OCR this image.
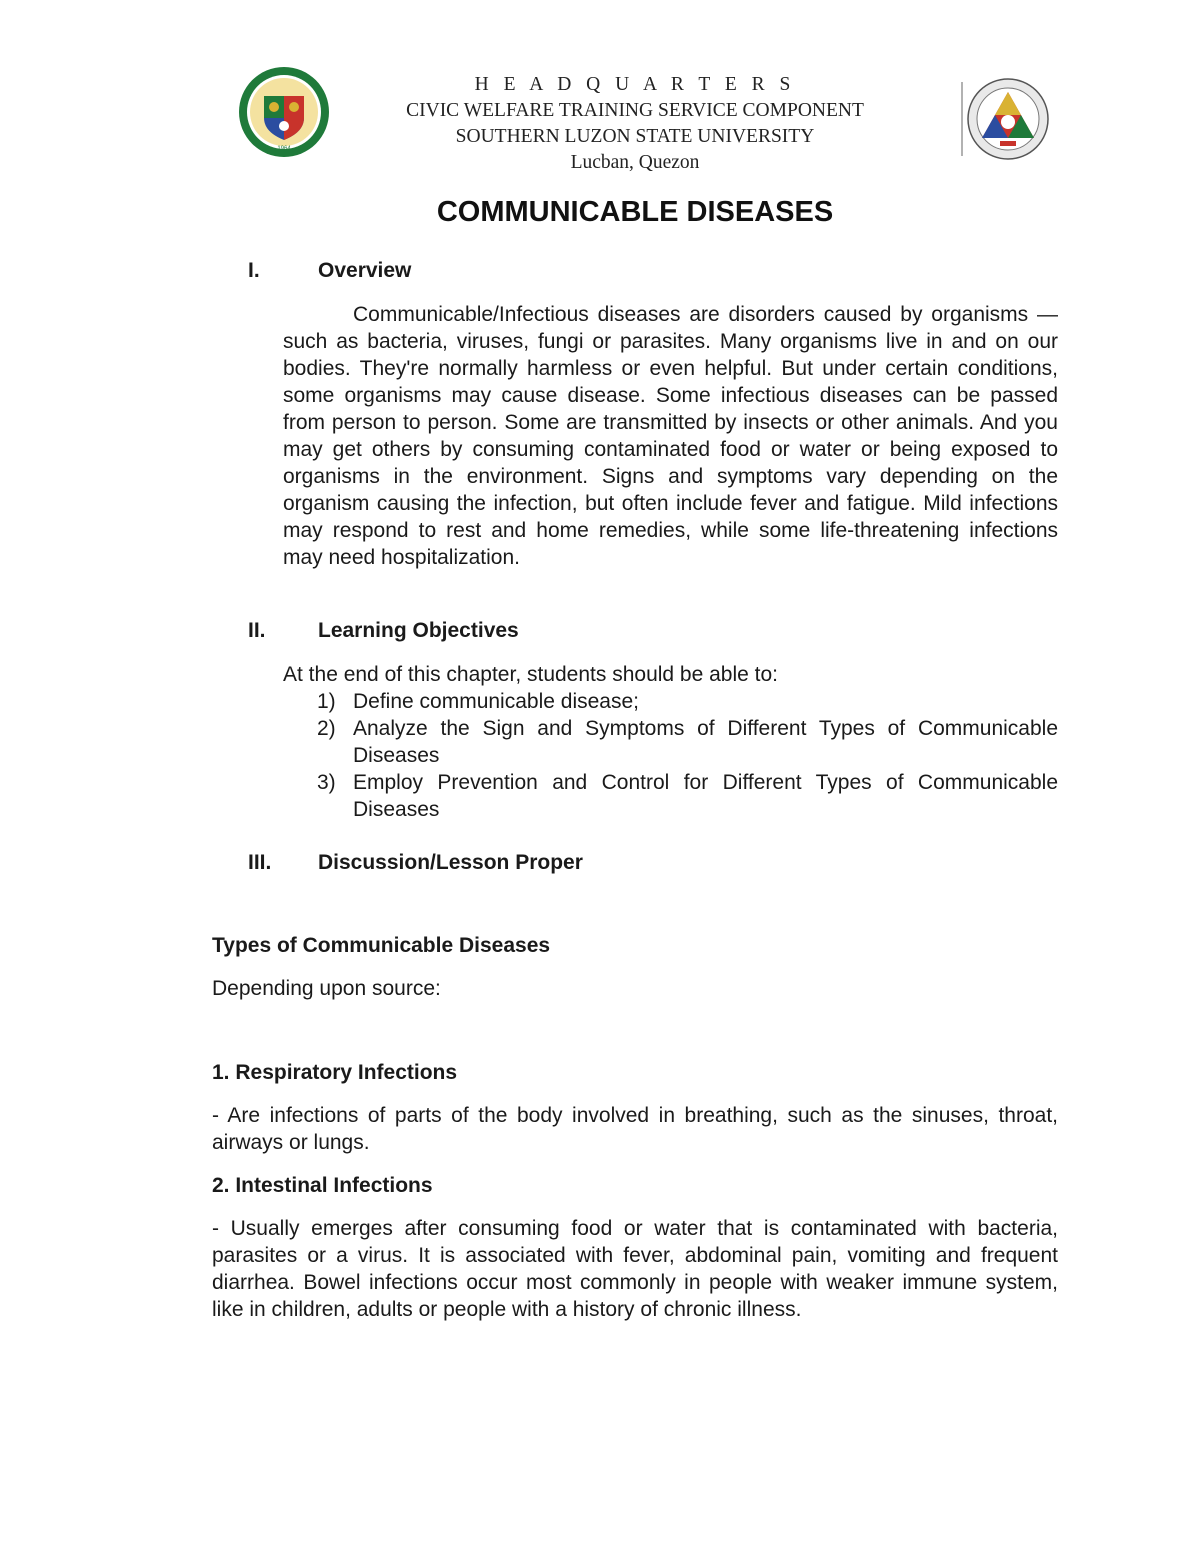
1964
H E A D Q U A R T E R S
CIVIC WELFARE TRAINING SERVICE COMPONENT
SOUTHERN LUZON STATE UNIVERSITY
Lucban, Quezon
COMMUNICABLE DISEASES
I.	Overview
Communicable/Infectious diseases are disorders caused by organisms — such as bacteria, viruses, fungi or parasites. Many organisms live in and on our bodies. They're normally harmless or even helpful. But under certain conditions, some organisms may cause disease. Some infectious diseases can be passed from person to person. Some are transmitted by insects or other animals. And you may get others by consuming contaminated food or water or being exposed to organisms in the environment. Signs and symptoms vary depending on the organism causing the infection, but often include fever and fatigue. Mild infections may respond to rest and home remedies, while some life-threatening infections may need hospitalization.
II. Learning Objectives
At the end of this chapter, students should be able to:
1) Define communicable disease;
2) Analyze the Sign and Symptoms of Different Types of Communicable Diseases
3) Employ Prevention and Control for Different Types of Communicable Diseases
III. Discussion/Lesson Proper
Types of Communicable Diseases
Depending upon source:
1. Respiratory Infections
- Are infections of parts of the body involved in breathing, such as the sinuses, throat, airways or lungs.
2. Intestinal Infections
- Usually emerges after consuming food or water that is contaminated with bacteria, parasites or a virus. It is associated with fever, abdominal pain, vomiting and frequent diarrhea. Bowel infections occur most commonly in people with weaker immune system, like in children, adults or people with a history of chronic illness.
